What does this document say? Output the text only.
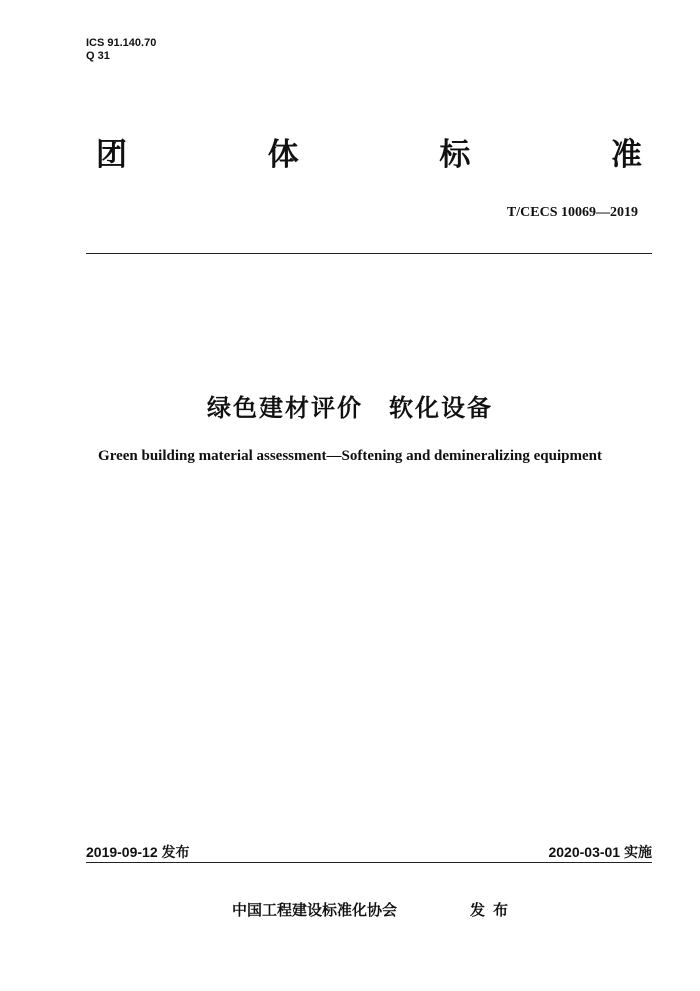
ICS 91.140.70
Q 31
团	体	标	准
T/CECS 10069—2019
绿色建材评价　软化设备
Green building material assessment—Softening and demineralizing equipment
2019-09-12 发布	2020-03-01 实施
中国工程建设标准化协会	发布
